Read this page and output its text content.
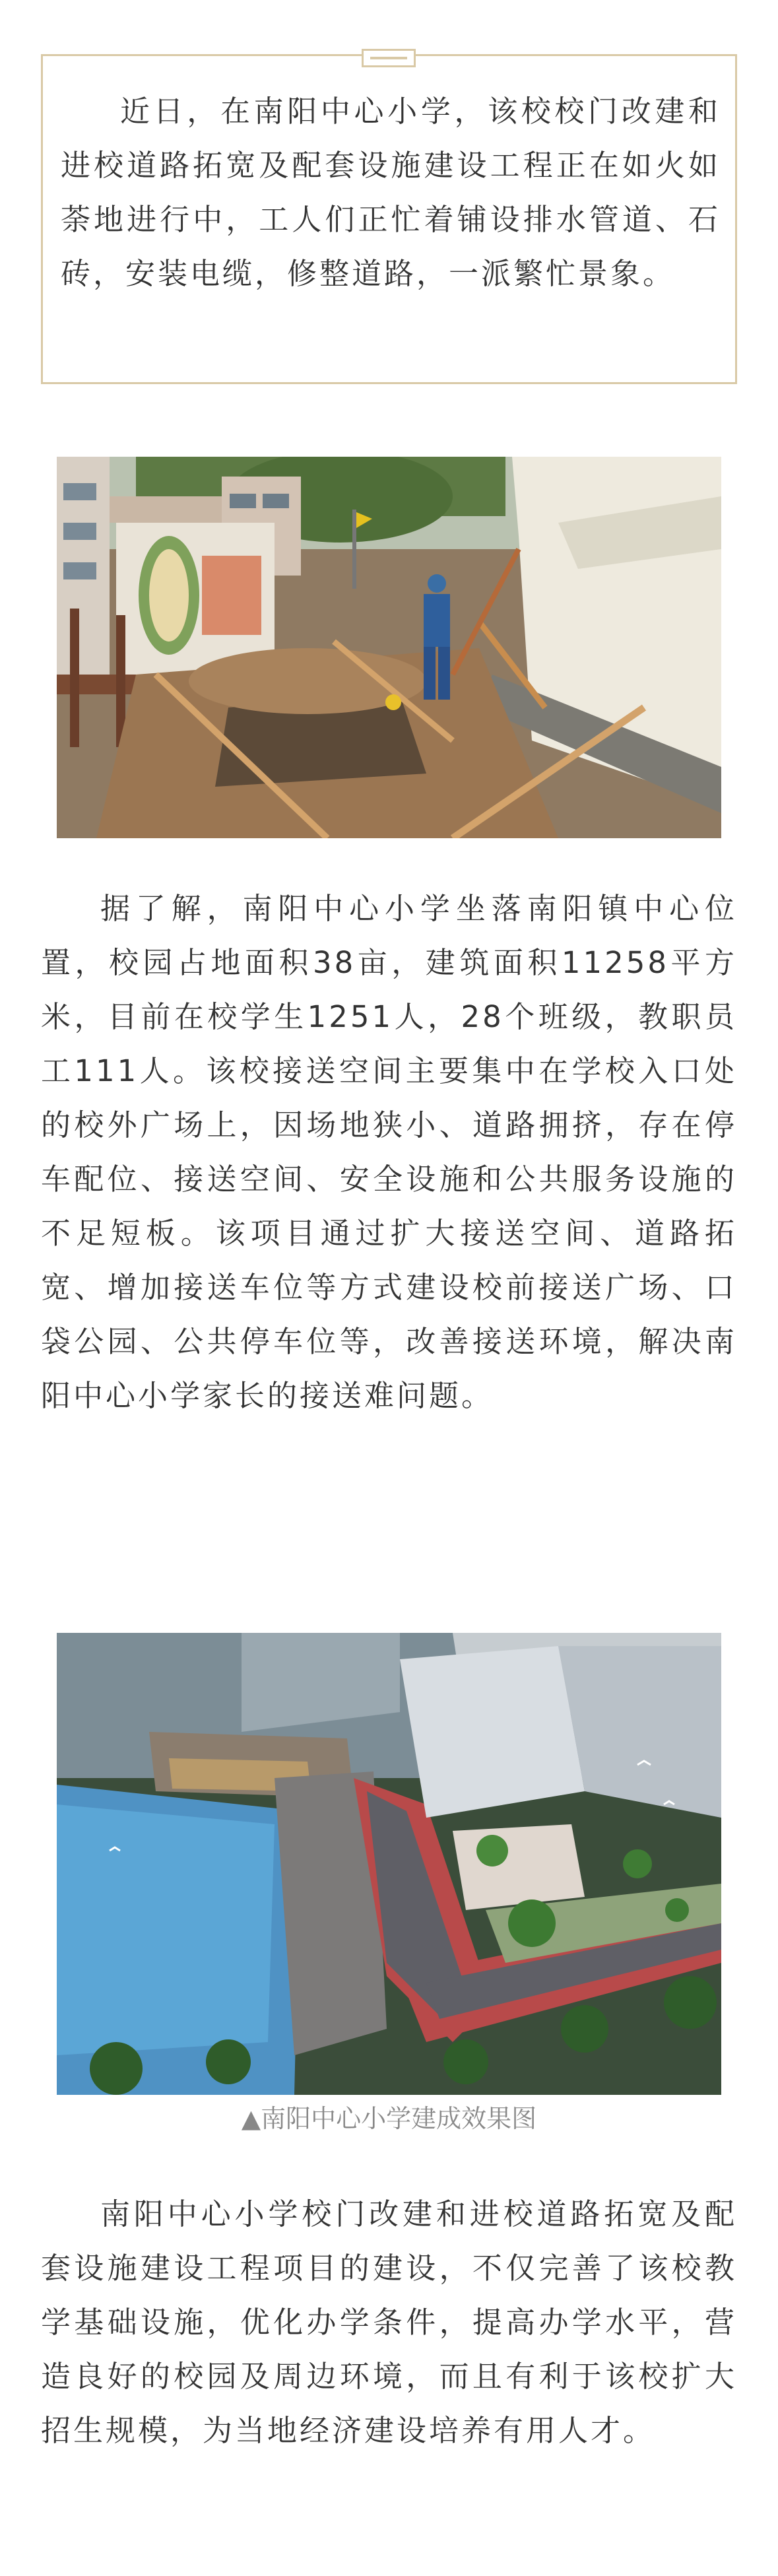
近日，在南阳中心小学，该校校门改建和进校道路拓宽及配套设施建设工程正在如火如荼地进行中，工人们正忙着铺设排水管道、石砖，安装电缆，修整道路，一派繁忙景象。

据了解，南阳中心小学坐落南阳镇中心位置，校园占地面积38亩，建筑面积11258平方米，目前在校学生1251人，28个班级，教职员工111人。该校接送空间主要集中在学校入口处的校外广场上，因场地狭小、道路拥挤，存在停车配位、接送空间、安全设施和公共服务设施的不足短板。该项目通过扩大接送空间、道路拓宽、增加接送车位等方式建设校前接送广场、口袋公园、公共停车位等，改善接送环境，解决南阳中心小学家长的接送难问题。

▲南阳中心小学建成效果图

南阳中心小学校门改建和进校道路拓宽及配套设施建设工程项目的建设，不仅完善了该校教学基础设施，优化办学条件，提高办学水平，营造良好的校园及周边环境，而且有利于该校扩大招生规模，为当地经济建设培养有用人才。
